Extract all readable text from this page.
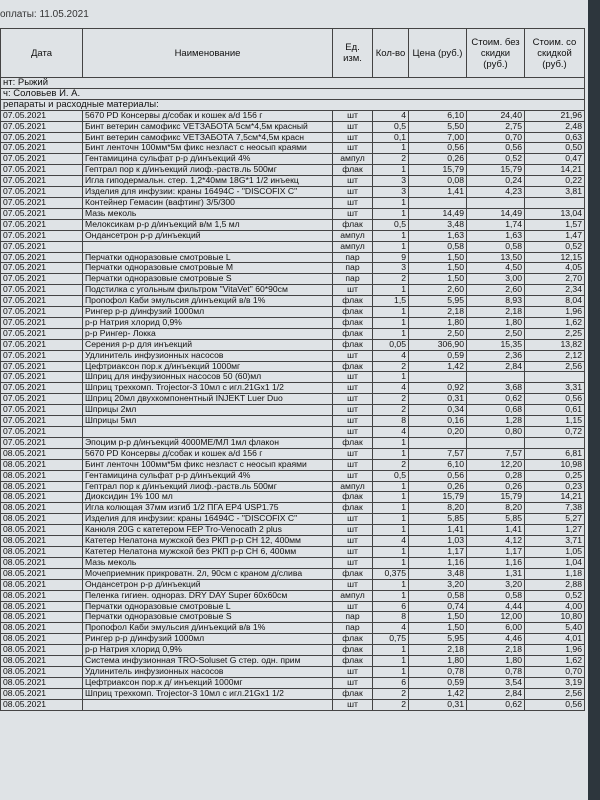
оплаты: 11.05.2021
Дата	Наименование	Ед. изм.	Кол-во	Цена (руб.)	Стоим. без скидки (руб.)	Стоим. со скидкой (руб.)
нт: Рыжий						
ч: Соловьев И. А.						
репараты и расходные материалы:						
07.05.2021	5670 PD Консервы д/собак и кошек a/d 156 г	шт	4	6,10	24,40	21,96
07.05.2021	Бинт ветерин самофикс VETЗАБОТА 5см*4,5м красный	шт	0,5	5,50	2,75	2,48
07.05.2021	Бинт ветерин самофикс VETЗАБОТА 7,5см*4,5м красн	шт	0,1	7,00	0,70	0,63
07.05.2021	Бинт ленточн 100мм*5м фикс незласт с неосып краями	шт	1	0,56	0,56	0,50
07.05.2021	Гентамицина сульфат р-р д/инъекций 4%	ампул	2	0,26	0,52	0,47
07.05.2021	Гептрал пор к д/инъекций лиоф.-раств.ль 500мг	флак	1	15,79	15,79	14,21
07.05.2021	Игла гиподермальн. стер. 1,2*40мм 18G*1 1/2 инъекц	шт	3	0,08	0,24	0,22
07.05.2021	Изделия для инфузии: краны 16494C - "DISCOFIX C"	шт	3	1,41	4,23	3,81
07.05.2021	Контейнер Гемасин (вафтинг) 3/5/300	шт	1			
07.05.2021	Мазь меколь	шт	1	14,49	14,49	13,04
07.05.2021	Мелоксикам р-р д/инъекций в/м 1,5 мл	флак	0,5	3,48	1,74	1,57
07.05.2021	Ондансетрон р-р д/инъекций	ампул	1	1,63	1,63	1,47
07.05.2021		ампул	1	0,58	0,58	0,52
07.05.2021	Перчатки одноразовые смотровые L	пар	9	1,50	13,50	12,15
07.05.2021	Перчатки одноразовые смотровые M	пар	3	1,50	4,50	4,05
07.05.2021	Перчатки одноразовые смотровые S	пар	2	1,50	3,00	2,70
07.05.2021	Подстилка с угольным фильтром "VitaVet" 60*90см	шт	1	2,60	2,60	2,34
07.05.2021	Пропофол Каби эмульсия д/инъекций в/в 1%	флак	1,5	5,95	8,93	8,04
07.05.2021	Рингер р-р д/инфузий 1000мл	флак	1	2,18	2,18	1,96
07.05.2021	р-р Натрия хлорид 0,9%	флак	1	1,80	1,80	1,62
07.05.2021	р-р Рингер- Локка	флак	1	2,50	2,50	2,25
07.05.2021	Серения р-р для инъекций	флак	0,05	306,90	15,35	13,82
07.05.2021	Удлинитель инфузионных насосов	шт	4	0,59	2,36	2,12
07.05.2021	Цефтриаксон пор.к д/инъекций 1000мг	флак	2	1,42	2,84	2,56
07.05.2021	Шприц для инфузионных насосов 50 (60)мл	шт	1			
07.05.2021	Шприц трехкомп. Trojector-3 10мл с игл.21Gx1 1/2	шт	4	0,92	3,68	3,31
07.05.2021	Шприц 20мл двухкомпонентный INJEKT Luer Duo	шт	2	0,31	0,62	0,56
07.05.2021	Шприцы 2мл	шт	2	0,34	0,68	0,61
07.05.2021	Шприцы 5мл	шт	8	0,16	1,28	1,15
07.05.2021		шт	4	0,20	0,80	0,72
07.05.2021	Эпоцим р-р д/инъекций 4000МЕ/МЛ 1мл флакон	флак	1			
08.05.2021	5670 PD Консервы д/собак и кошек a/d 156 г	шт	1	7,57	7,57	6,81
08.05.2021	Бинт ленточн 100мм*5м фикс незласт с неосып краями	шт	2	6,10	12,20	10,98
08.05.2021	Гентамицина сульфат р-р д/инъекций 4%	шт	0,5	0,56	0,28	0,25
08.05.2021	Гептрал пор к д/инъекций лиоф.-раств.ль 500мг	ампул	1	0,26	0,26	0,23
08.05.2021	Диоксидин 1% 100 мл	флак	1	15,79	15,79	14,21
08.05.2021	Игла колющая 37мм изгиб 1/2 ПГА EP4 USP1.75	флак	1	8,20	8,20	7,38
08.05.2021	Изделия для инфузии: краны 16494C - "DISCOFIX C"	шт	1	5,85	5,85	5,27
08.05.2021	Канюля 20G с катетером FEP Tro-Venocath 2 plus	шт	1	1,41	1,41	1,27
08.05.2021	Катетер Нелатона мужской без РКП р-р CH 12, 400мм	шт	4	1,03	4,12	3,71
08.05.2021	Катетер Нелатона мужской без РКП р-р CH 6, 400мм	шт	1	1,17	1,17	1,05
08.05.2021	Мазь меколь	шт	1	1,16	1,16	1,04
08.05.2021	Мочеприемник прикроватн. 2л, 90см с краном д/слива	флак	0,375	3,48	1,31	1,18
08.05.2021	Ондансетрон р-р д/инъекций	шт	1	3,20	3,20	2,88
08.05.2021	Пеленка гигиен. однораз. DRY DAY Super 60х60см	ампул	1	0,58	0,58	0,52
08.05.2021	Перчатки одноразовые смотровые L	шт	6	0,74	4,44	4,00
08.05.2021	Перчатки одноразовые смотровые S	пар	8	1,50	12,00	10,80
08.05.2021	Пропофол Каби эмульсия д/инъекций в/в 1%	пар	4	1,50	6,00	5,40
08.05.2021	Рингер р-р д/инфузий 1000мл	флак	0,75	5,95	4,46	4,01
08.05.2021	р-р Натрия хлорид 0,9%	флак	1	2,18	2,18	1,96
08.05.2021	Система инфузионная TRO-Soluset G стер. одн. прим	флак	1	1,80	1,80	1,62
08.05.2021	Удлинитель инфузионных насосов	шт	1	0,78	0,78	0,70
08.05.2021	Цефтриаксон пор.к д/ инъекций 1000мг	шт	6	0,59	3,54	3,19
08.05.2021	Шприц трехкомп. Trojector-3 10мл с игл.21Gx1 1/2	флак	2	1,42	2,84	2,56
08.05.2021		шт	2	0,31	0,62	0,56
